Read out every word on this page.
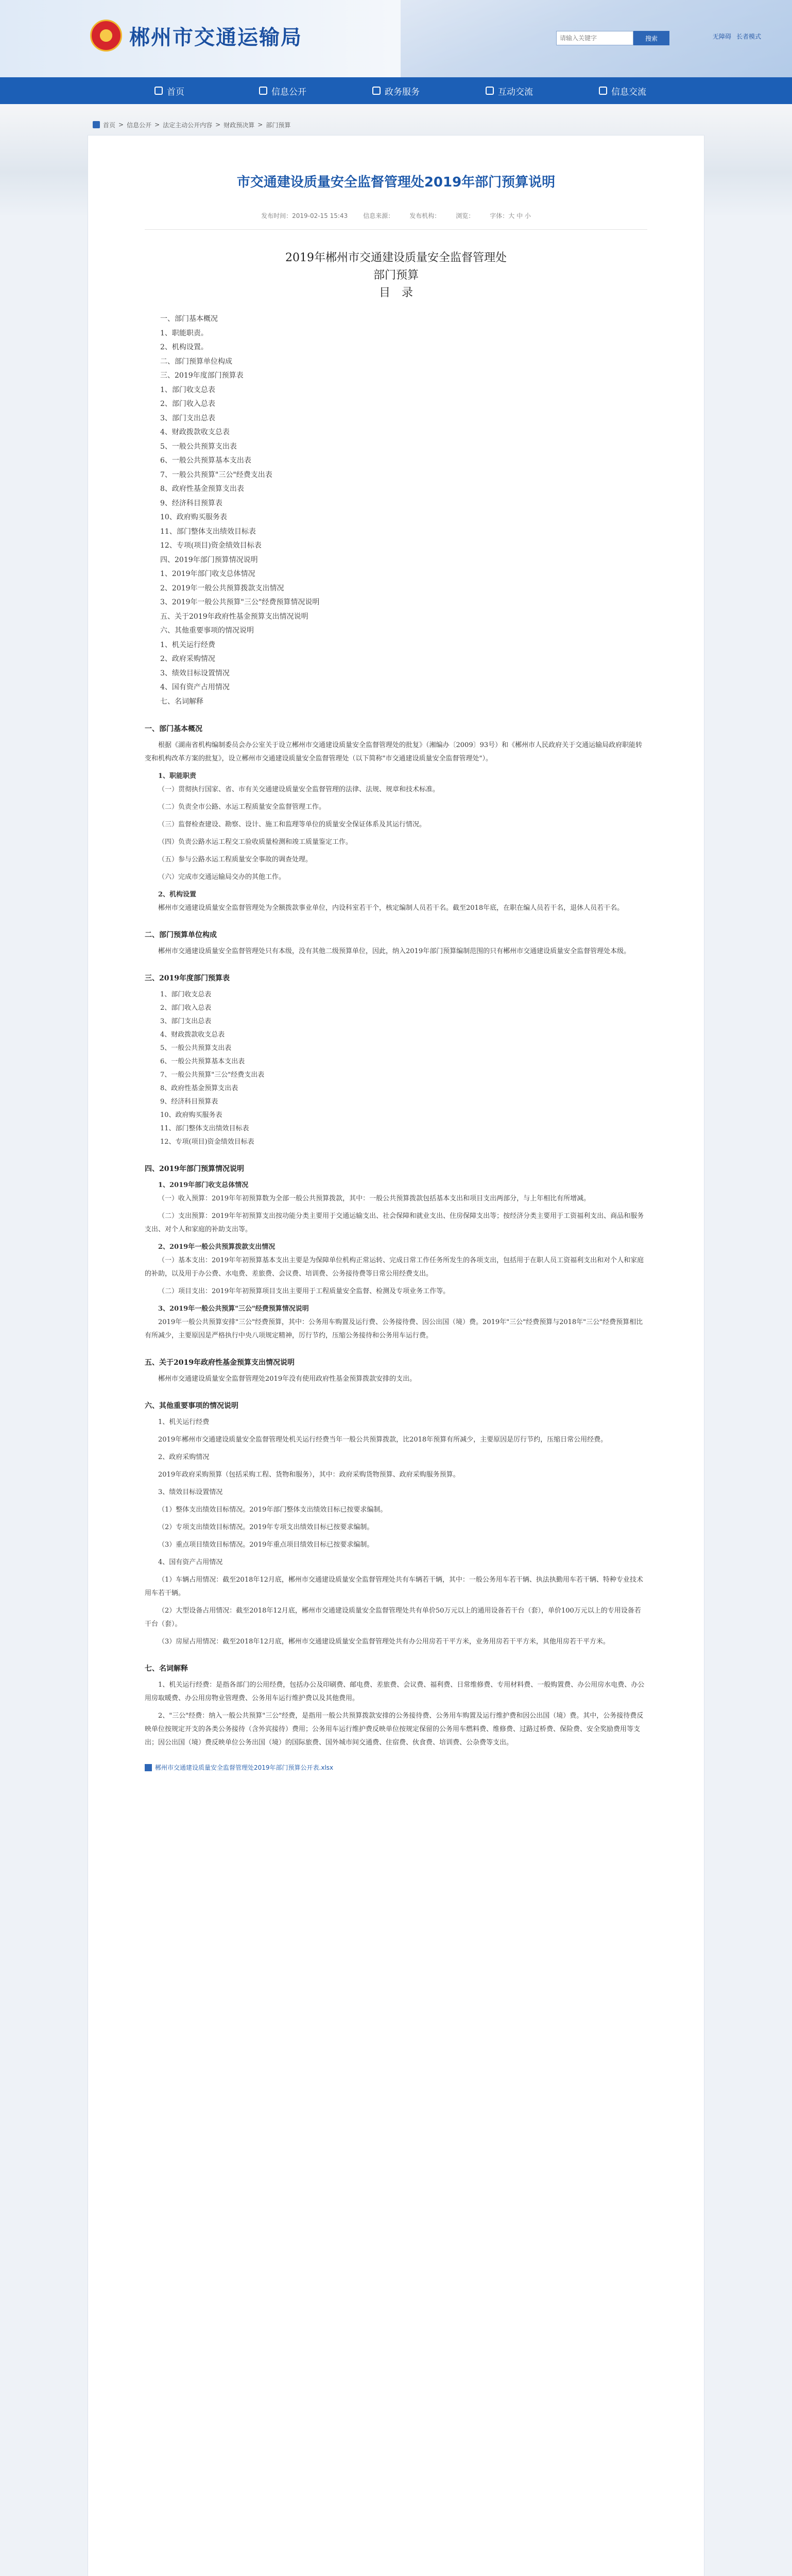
郴州市交通运输局
请输入关键字	搜索	无障碍 长者模式
首页	信息公开	政务服务	互动交流	信息交流
首页 > 信息公开 > 法定主动公开内容 > 财政预决算 > 部门预算
市交通建设质量安全监督管理处2019年部门预算说明
发布时间：2019-02-15 15:43	信息来源：	发布机构：	浏览：	字体：大 中 小
2019年郴州市交通建设质量安全监督管理处
部门预算
目　录
一、部门基本概况
1、职能职责。
2、机构设置。
二、部门预算单位构成
三、2019年度部门预算表
1、部门收支总表
2、部门收入总表
3、部门支出总表
4、财政拨款收支总表
5、一般公共预算支出表
6、一般公共预算基本支出表
7、一般公共预算"三公"经费支出表
8、政府性基金预算支出表
9、经济科目预算表
10、政府购买服务表
11、部门整体支出绩效目标表
12、专项(项目)资金绩效目标表
四、2019年部门预算情况说明
1、2019年部门收支总体情况
2、2019年一般公共预算拨款支出情况
3、2019年一般公共预算"三公"经费预算情况说明
五、关于2019年政府性基金预算支出情况说明
六、其他重要事项的情况说明
1、机关运行经费
2、政府采购情况
3、绩效目标设置情况
4、国有资产占用情况
七、名词解释
一、部门基本概况
根据《湖南省机构编制委员会办公室关于设立郴州市交通建设质量安全监督管理处的批复》（湘编办〔2009〕93号）和《郴州市人民政府关于交通运输局政府职能转变和机构改革方案的批复》，设立郴州市交通建设质量安全监督管理处（以下简称"市交通建设质量安全监督管理处"）。
1、职能职责
（一）贯彻执行国家、省、市有关交通建设质量安全监督管理的法律、法规、规章和技术标准。
（二）负责全市公路、水运工程质量安全监督管理工作。
（三）监督检查建设、勘察、设计、施工和监理等单位的质量安全保证体系及其运行情况。
（四）负责公路水运工程交工验收质量检测和竣工质量鉴定工作。
（五）参与公路水运工程质量安全事故的调查处理。
（六）完成市交通运输局交办的其他工作。
2、机构设置
郴州市交通建设质量安全监督管理处为全额拨款事业单位，内设科室若干个，核定编制人员若干名。截至2018年底，在职在编人员若干名，退休人员若干名。
二、部门预算单位构成
郴州市交通建设质量安全监督管理处只有本级，没有其他二级预算单位，因此，纳入2019年部门预算编制范围的只有郴州市交通建设质量安全监督管理处本级。
三、2019年度部门预算表
1、部门收支总表
2、部门收入总表
3、部门支出总表
4、财政拨款收支总表
5、一般公共预算支出表
6、一般公共预算基本支出表
7、一般公共预算"三公"经费支出表
8、政府性基金预算支出表
9、经济科目预算表
10、政府购买服务表
11、部门整体支出绩效目标表
12、专项(项目)资金绩效目标表
四、2019年部门预算情况说明
1、2019年部门收支总体情况
（一）收入预算：2019年年初预算数为全部一般公共预算拨款，其中：一般公共预算拨款包括基本支出和项目支出两部分，与上年相比有所增减。
（二）支出预算：2019年年初预算支出按功能分类主要用于交通运输支出、社会保障和就业支出、住房保障支出等；按经济分类主要用于工资福利支出、商品和服务支出、对个人和家庭的补助支出等。
2、2019年一般公共预算拨款支出情况
（一）基本支出：2019年年初预算基本支出主要是为保障单位机构正常运转、完成日常工作任务所发生的各项支出，包括用于在职人员工资福利支出和对个人和家庭的补助，以及用于办公费、水电费、差旅费、会议费、培训费、公务接待费等日常公用经费支出。
（二）项目支出：2019年年初预算项目支出主要用于工程质量安全监督、检测及专项业务工作等。
3、2019年一般公共预算"三公"经费预算情况说明
2019年一般公共预算安排"三公"经费预算，其中：公务用车购置及运行费、公务接待费、因公出国（境）费。2019年"三公"经费预算与2018年"三公"经费预算相比有所减少，主要原因是严格执行中央八项规定精神，厉行节约，压缩公务接待和公务用车运行费。
五、关于2019年政府性基金预算支出情况说明
郴州市交通建设质量安全监督管理处2019年没有使用政府性基金预算拨款安排的支出。
六、其他重要事项的情况说明
1、机关运行经费
2019年郴州市交通建设质量安全监督管理处机关运行经费当年一般公共预算拨款，比2018年预算有所减少，主要原因是厉行节约，压缩日常公用经费。
2、政府采购情况
2019年政府采购预算（包括采购工程、货物和服务），其中：政府采购货物预算、政府采购服务预算。
3、绩效目标设置情况
（1）整体支出绩效目标情况。2019年部门整体支出绩效目标已按要求编制。
（2）专项支出绩效目标情况。2019年专项支出绩效目标已按要求编制。
（3）重点项目绩效目标情况。2019年重点项目绩效目标已按要求编制。
4、国有资产占用情况
（1）车辆占用情况：截至2018年12月底，郴州市交通建设质量安全监督管理处共有车辆若干辆，其中：一般公务用车若干辆、执法执勤用车若干辆、特种专业技术用车若干辆。
（2）大型设备占用情况：截至2018年12月底，郴州市交通建设质量安全监督管理处共有单价50万元以上的通用设备若干台（套），单价100万元以上的专用设备若干台（套）。
（3）房屋占用情况：截至2018年12月底，郴州市交通建设质量安全监督管理处共有办公用房若干平方米，业务用房若干平方米，其他用房若干平方米。
七、名词解释
1、机关运行经费：是指各部门的公用经费，包括办公及印刷费、邮电费、差旅费、会议费、福利费、日常维修费、专用材料费、一般购置费、办公用房水电费、办公用房取暖费、办公用房物业管理费、公务用车运行维护费以及其他费用。
2、"三公"经费：纳入一般公共预算"三公"经费，是指用一般公共预算拨款安排的公务接待费、公务用车购置及运行维护费和因公出国（境）费。其中，公务接待费反映单位按规定开支的各类公务接待（含外宾接待）费用；公务用车运行维护费反映单位按规定保留的公务用车燃料费、维修费、过路过桥费、保险费、安全奖励费用等支出；因公出国（境）费反映单位公务出国（境）的国际旅费、国外城市间交通费、住宿费、伙食费、培训费、公杂费等支出。
郴州市交通建设质量安全监督管理处2019年部门预算公开表.xlsx
